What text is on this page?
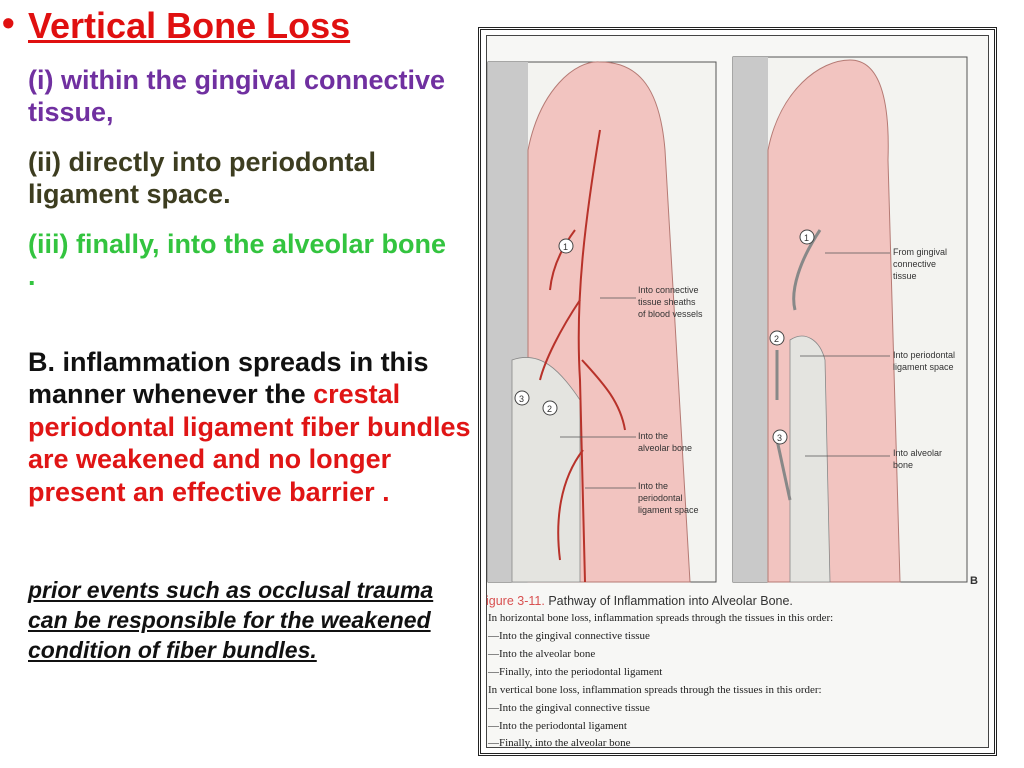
• Vertical Bone Loss
(i) within the gingival connective tissue,
(ii) directly into periodontal ligament space.
(iii) finally, into the alveolar bone .
B. inflammation spreads in this manner whenever the crestal periodontal ligament fiber bundles are weakened and no longer present an effective barrier .
prior events such as occlusal trauma can be responsible for the weakened condition of fiber bundles.
1
2
3
Into connective
tissue sheaths
of blood vessels
Into the
alveolar bone
Into the
periodontal
ligament space
1
2
3
From gingival
connective
tissue
Into periodontal
ligament space
Into alveolar
bone
B
igure 3-11. Pathway of Inflammation into Alveolar Bone.
In horizontal bone loss, inflammation spreads through the tissues in this order:
—Into the gingival connective tissue
—Into the alveolar bone
—Finally, into the periodontal ligament
In vertical bone loss, inflammation spreads through the tissues in this order:
—Into the gingival connective tissue
—Into the periodontal ligament
—Finally, into the alveolar bone
